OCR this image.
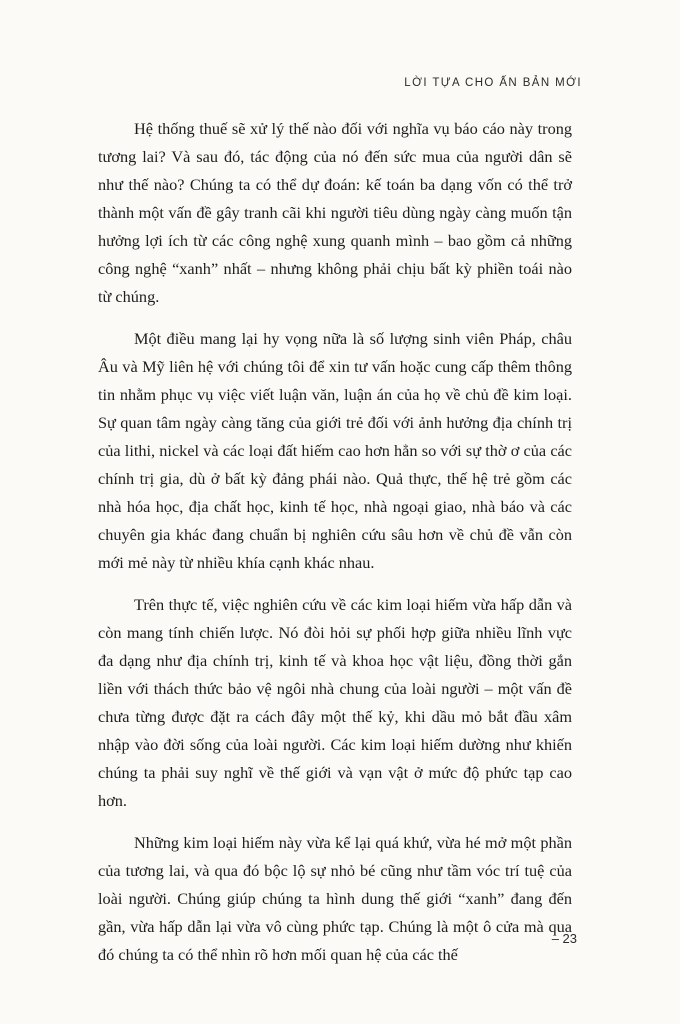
LỜI TỰA CHO ẤN BẢN MỚI

Hệ thống thuế sẽ xử lý thế nào đối với nghĩa vụ báo cáo này trong tương lai? Và sau đó, tác động của nó đến sức mua của người dân sẽ như thế nào? Chúng ta có thể dự đoán: kế toán ba dạng vốn có thể trở thành một vấn đề gây tranh cãi khi người tiêu dùng ngày càng muốn tận hưởng lợi ích từ các công nghệ xung quanh mình – bao gồm cả những công nghệ “xanh” nhất – nhưng không phải chịu bất kỳ phiền toái nào từ chúng.

Một điều mang lại hy vọng nữa là số lượng sinh viên Pháp, châu Âu và Mỹ liên hệ với chúng tôi để xin tư vấn hoặc cung cấp thêm thông tin nhằm phục vụ việc viết luận văn, luận án của họ về chủ đề kim loại. Sự quan tâm ngày càng tăng của giới trẻ đối với ảnh hưởng địa chính trị của lithi, nickel và các loại đất hiếm cao hơn hẳn so với sự thờ ơ của các chính trị gia, dù ở bất kỳ đảng phái nào. Quả thực, thế hệ trẻ gồm các nhà hóa học, địa chất học, kinh tế học, nhà ngoại giao, nhà báo và các chuyên gia khác đang chuẩn bị nghiên cứu sâu hơn về chủ đề vẫn còn mới mẻ này từ nhiều khía cạnh khác nhau.

Trên thực tế, việc nghiên cứu về các kim loại hiếm vừa hấp dẫn và còn mang tính chiến lược. Nó đòi hỏi sự phối hợp giữa nhiều lĩnh vực đa dạng như địa chính trị, kinh tế và khoa học vật liệu, đồng thời gắn liền với thách thức bảo vệ ngôi nhà chung của loài người – một vấn đề chưa từng được đặt ra cách đây một thế kỷ, khi dầu mỏ bắt đầu xâm nhập vào đời sống của loài người. Các kim loại hiếm dường như khiến chúng ta phải suy nghĩ về thế giới và vạn vật ở mức độ phức tạp cao hơn.

Những kim loại hiếm này vừa kể lại quá khứ, vừa hé mở một phần của tương lai, và qua đó bộc lộ sự nhỏ bé cũng như tầm vóc trí tuệ của loài người. Chúng giúp chúng ta hình dung thế giới “xanh” đang đến gần, vừa hấp dẫn lại vừa vô cùng phức tạp. Chúng là một ô cửa mà qua đó chúng ta có thể nhìn rõ hơn mối quan hệ của các thế

– 23
